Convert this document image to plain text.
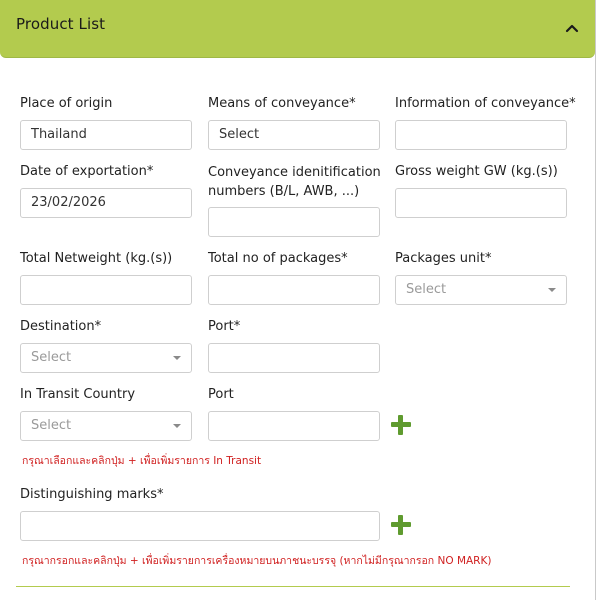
Product List
Place of origin
Thailand
Means of conveyance*
Select
Information of conveyance*
Date of exportation*
23/02/2026
Conveyance idenitification numbers (B/L, AWB, ...)
Gross weight GW (kg.(s))
Total Netweight (kg.(s))	Total no of packages*	Packages unit*
Select
Destination*
Select
Port*
In Transit Country
Select
Port
กรุณาเลือกและคลิกปุ่ม + เพื่อเพิ่มรายการ In Transit
Distinguishing marks*
กรุณากรอกและคลิกปุ่ม + เพื่อเพิ่มรายการเครื่องหมายบนภาชนะบรรจุ (หากไม่มีกรุณากรอก NO MARK)
